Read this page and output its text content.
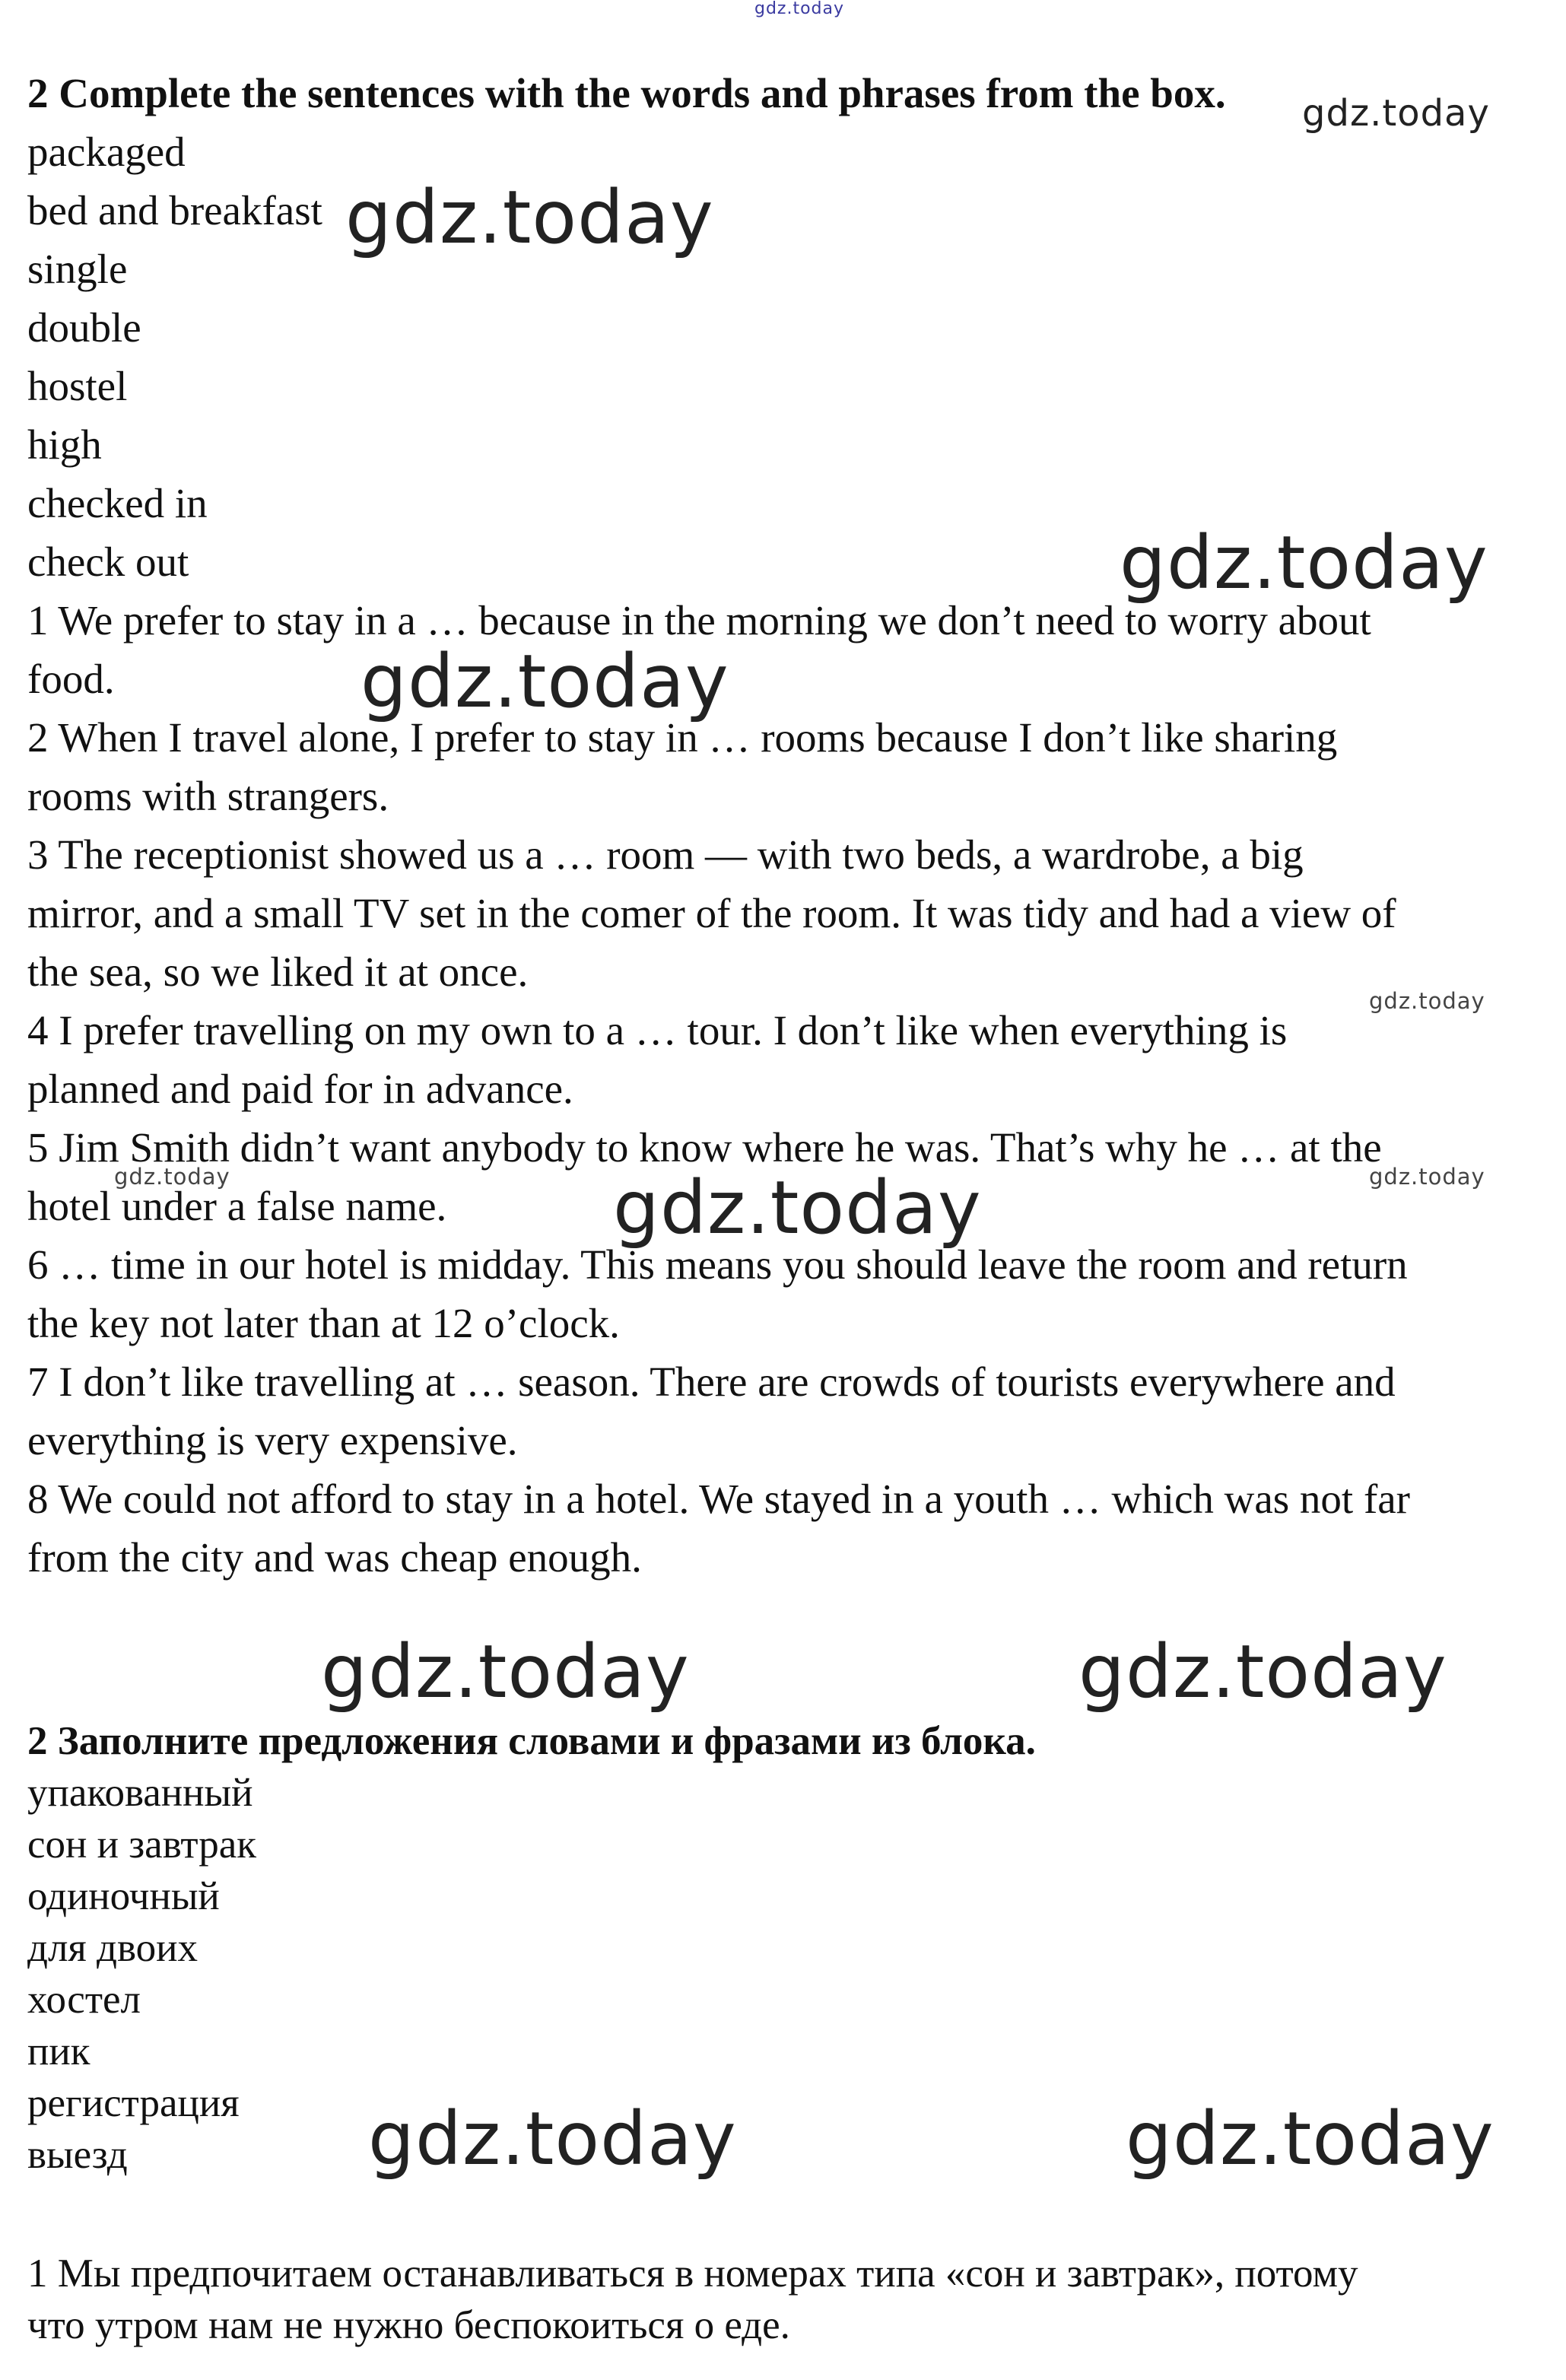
2 Complete the sentences with the words and phrases from the box.
packaged
bed and breakfast
single
double
hostel
high
checked in
check out
1 We prefer to stay in a … because in the morning we don’t need to worry about
food.
2 When I travel alone, I prefer to stay in … rooms because I don’t like sharing
rooms with strangers.
3 The receptionist showed us a … room — with two beds, a wardrobe, a big
mirror, and a small TV set in the comer of the room. It was tidy and had a view of
the sea, so we liked it at once.
4 I prefer travelling on my own to a … tour. I don’t like when everything is
planned and paid for in advance.
5 Jim Smith didn’t want anybody to know where he was. That’s why he … at the
hotel under a false name.
6 … time in our hotel is midday. This means you should leave the room and return
the key not later than at 12 o’clock.
7 I don’t like travelling at … season. There are crowds of tourists everywhere and
everything is very expensive.
8 We could not afford to stay in a hotel. We stayed in a youth … which was not far
from the city and was cheap enough.
2 Заполните предложения словами и фразами из блока.
упакованный
сон и завтрак
одиночный
для двоих
хостел
пик
регистрация
выезд
1 Мы предпочитаем останавливаться в номерах типа «сон и завтрак», потому
что утром нам не нужно беспокоиться о еде.
gdz.today
gdz.today
gdz.today
gdz.today
gdz.today
gdz.today
gdz.today	gdz.today
gdz.today
gdz.today	gdz.today
gdz.today	gdz.today
